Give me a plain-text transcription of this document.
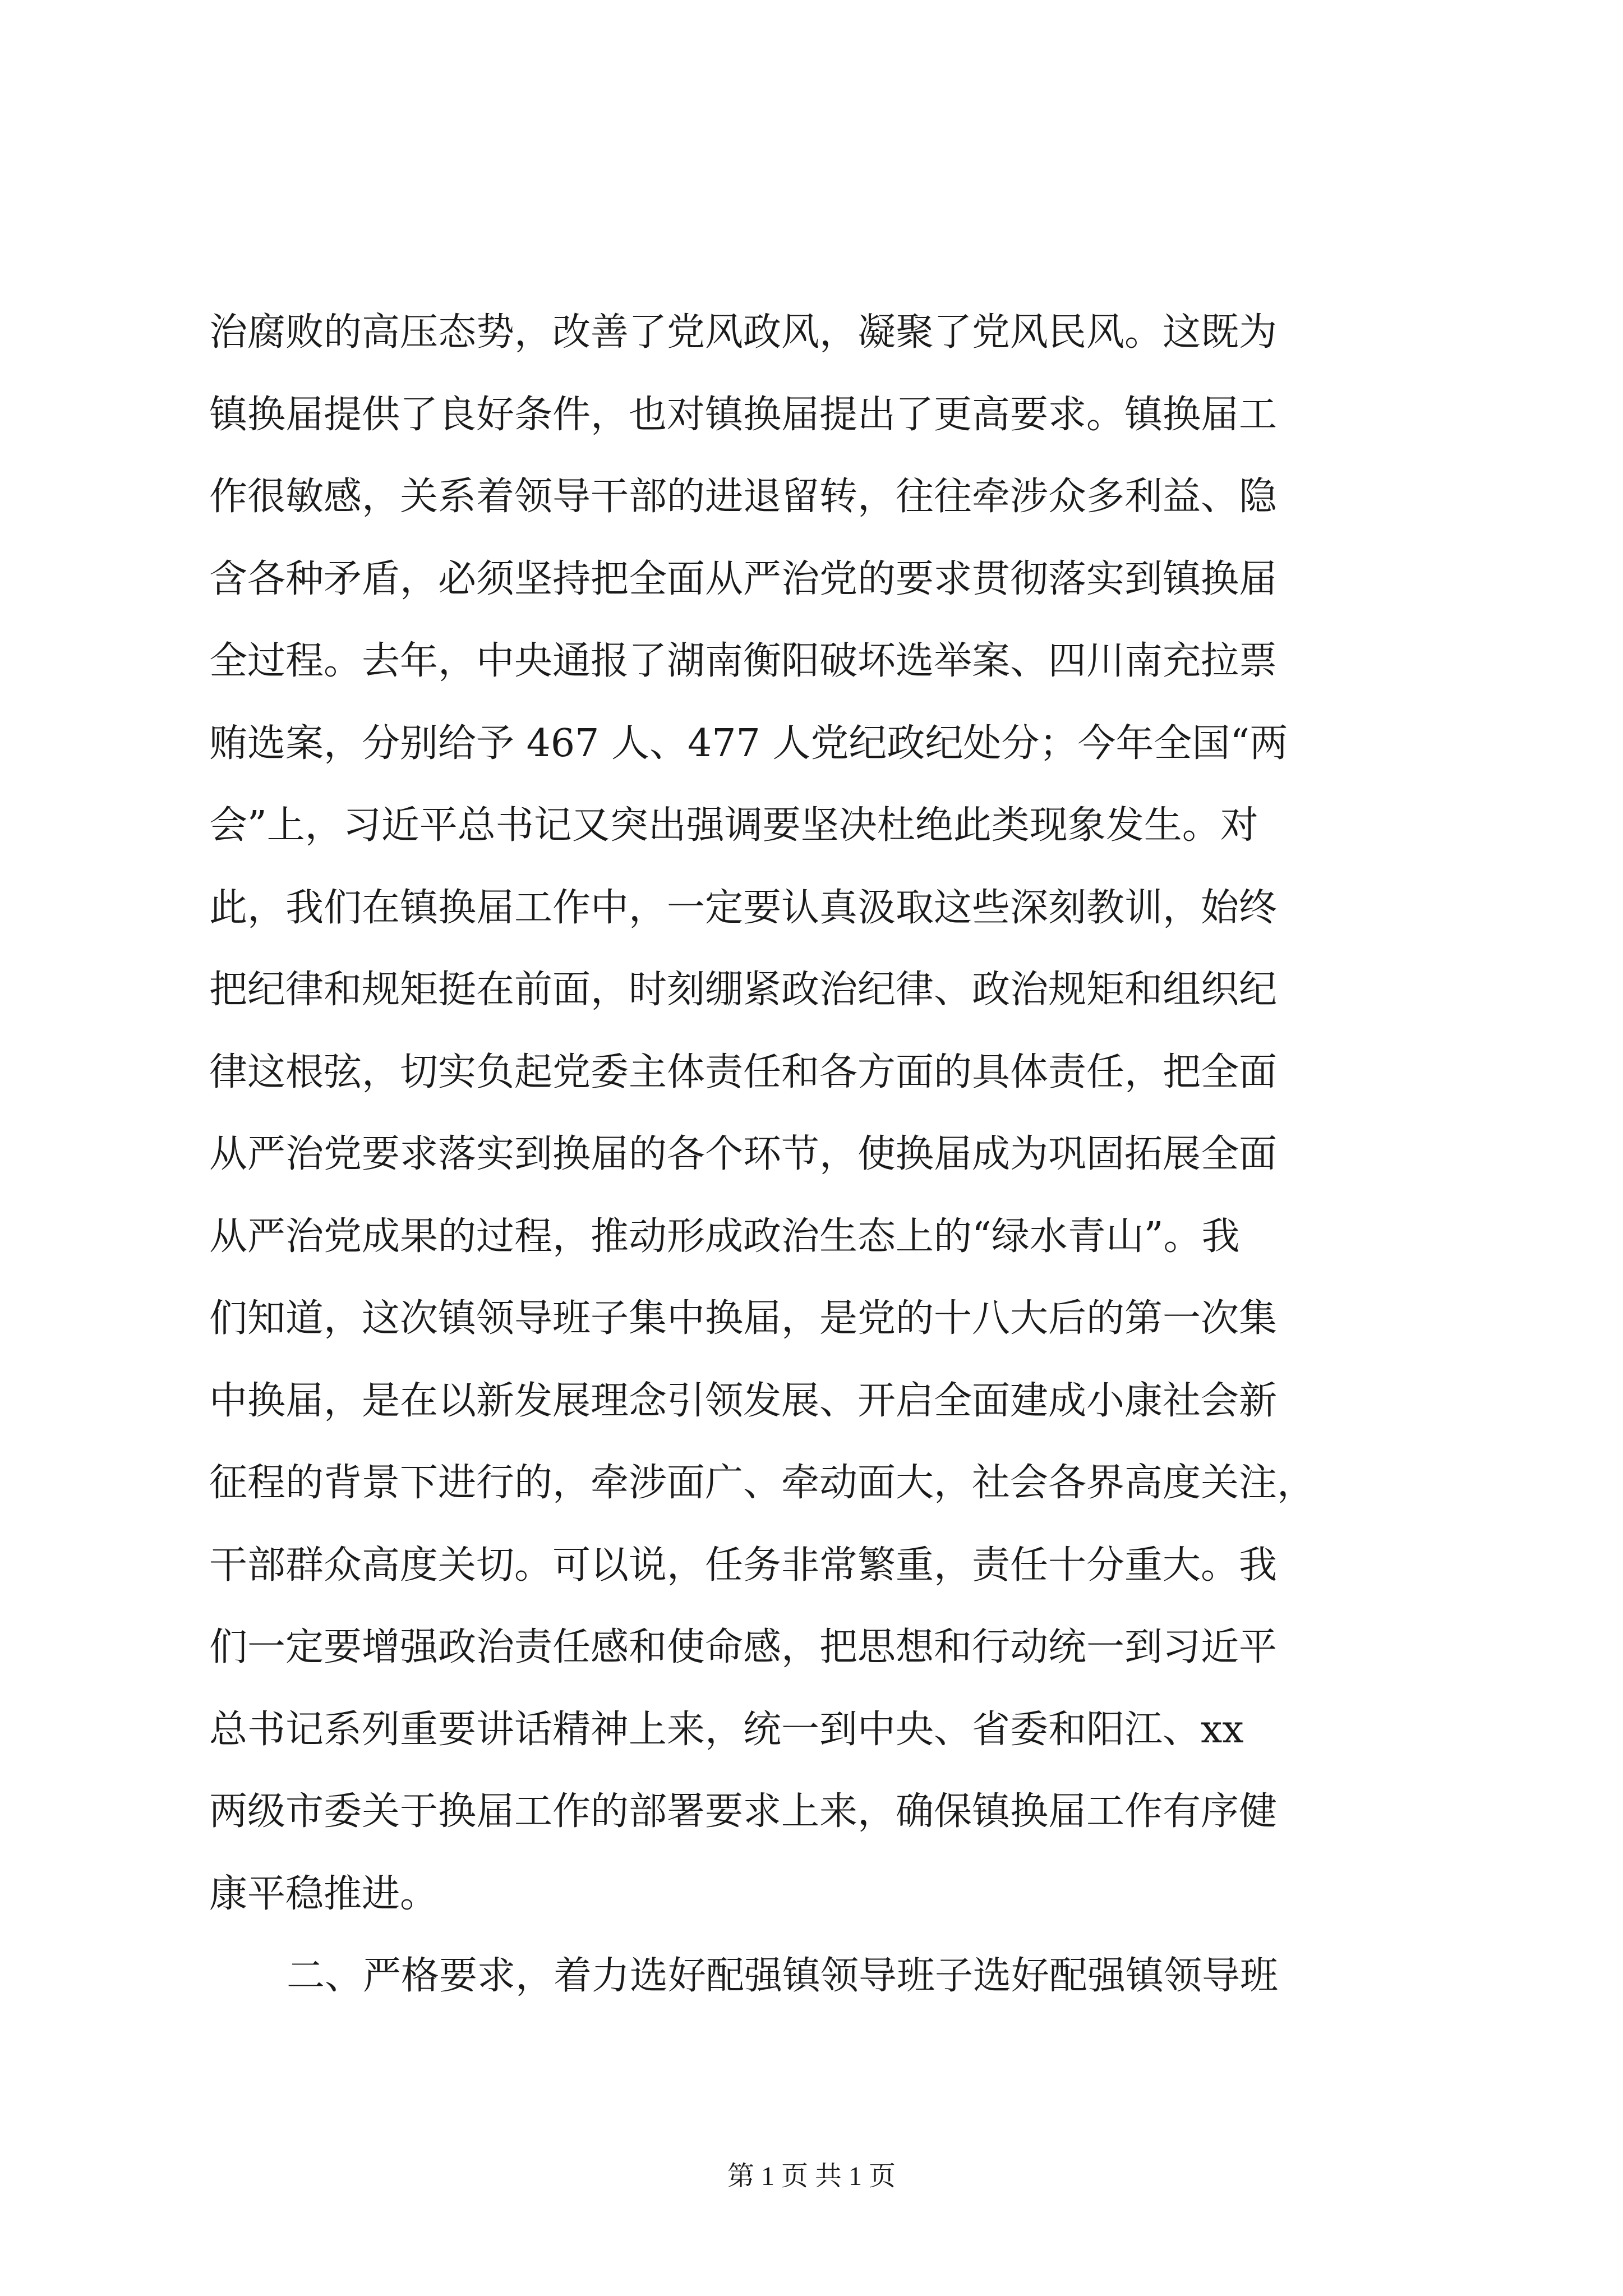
治腐败的高压态势，改善了党风政风，凝聚了党风民风。这既为
镇换届提供了良好条件，也对镇换届提出了更高要求。镇换届工
作很敏感，关系着领导干部的进退留转，往往牵涉众多利益、隐
含各种矛盾，必须坚持把全面从严治党的要求贯彻落实到镇换届
全过程。去年，中央通报了湖南衡阳破坏选举案、四川南充拉票
贿选案，分别给予 467 人、477 人党纪政纪处分；今年全国“两
会”上，习近平总书记又突出强调要坚决杜绝此类现象发生。对
此，我们在镇换届工作中，一定要认真汲取这些深刻教训，始终
把纪律和规矩挺在前面，时刻绷紧政治纪律、政治规矩和组织纪
律这根弦，切实负起党委主体责任和各方面的具体责任，把全面
从严治党要求落实到换届的各个环节，使换届成为巩固拓展全面
从严治党成果的过程，推动形成政治生态上的“绿水青山”。我
们知道，这次镇领导班子集中换届，是党的十八大后的第一次集
中换届，是在以新发展理念引领发展、开启全面建成小康社会新
征程的背景下进行的，牵涉面广、牵动面大，社会各界高度关注，
干部群众高度关切。可以说，任务非常繁重，责任十分重大。我
们一定要增强政治责任感和使命感，把思想和行动统一到习近平
总书记系列重要讲话精神上来，统一到中央、省委和阳江、xx
两级市委关于换届工作的部署要求上来，确保镇换届工作有序健
康平稳推进。
二、严格要求，着力选好配强镇领导班子选好配强镇领导班
第 1 页 共 1 页
